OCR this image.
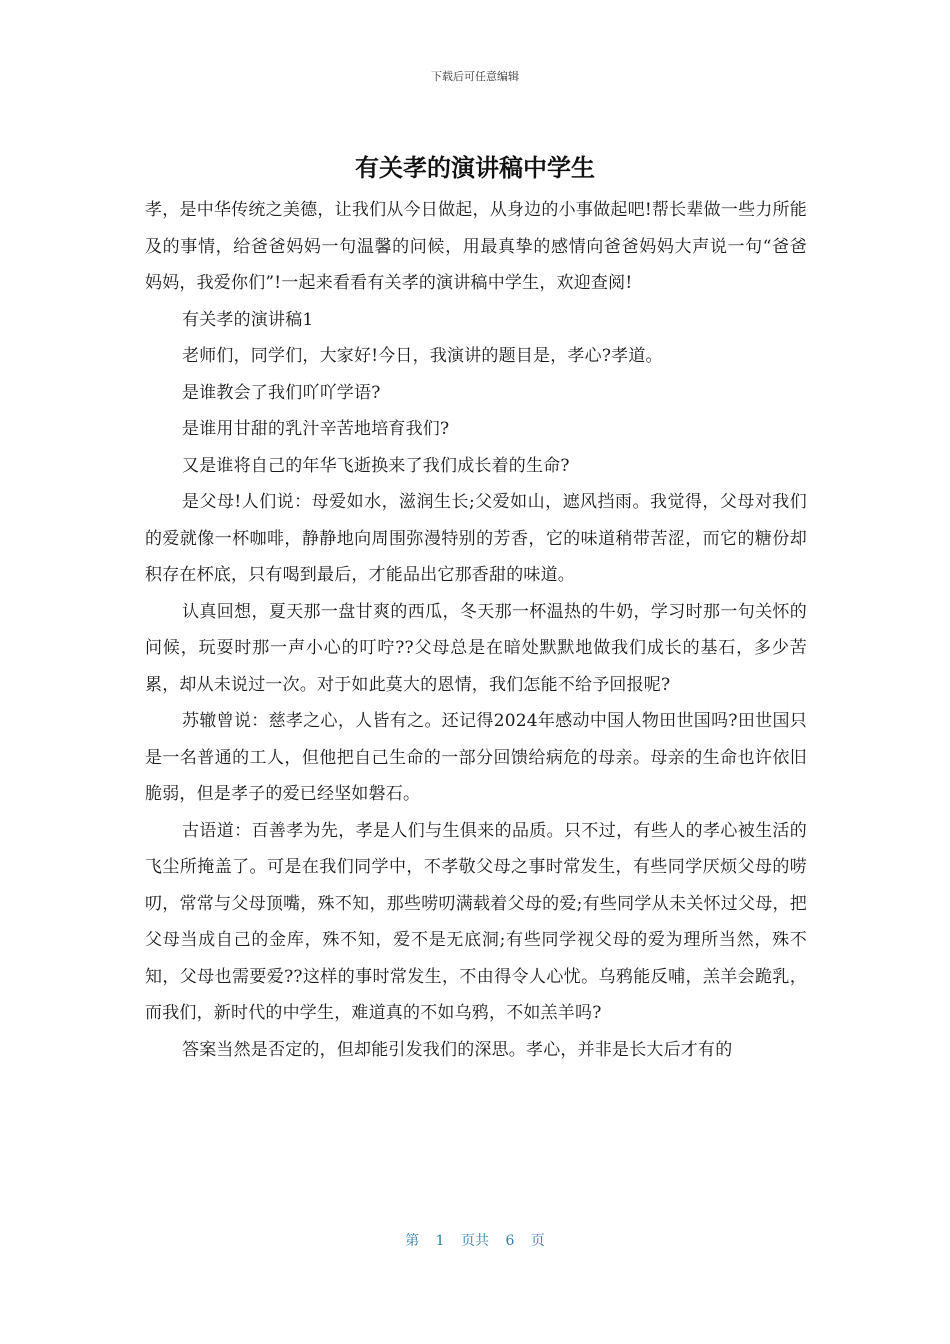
下载后可任意编辑
有关孝的演讲稿中学生

孝，是中华传统之美德，让我们从今日做起，从身边的小事做起吧!帮长辈做一些力所能及的事情，给爸爸妈妈一句温馨的问候，用最真挚的感情向爸爸妈妈大声说一句“爸爸妈妈，我爱你们”!一起来看看有关孝的演讲稿中学生，欢迎查阅!

有关孝的演讲稿1

老师们，同学们，大家好!今日，我演讲的题目是，孝心?孝道。

是谁教会了我们吖吖学语?

是谁用甘甜的乳汁辛苦地培育我们?

又是谁将自己的年华飞逝换来了我们成长着的生命?

是父母!人们说：母爱如水，滋润生长;父爱如山，遮风挡雨。我觉得，父母对我们的爱就像一杯咖啡，静静地向周围弥漫特别的芳香，它的味道稍带苦涩，而它的糖份却积存在杯底，只有喝到最后，才能品出它那香甜的味道。

认真回想，夏天那一盘甘爽的西瓜，冬天那一杯温热的牛奶，学习时那一句关怀的问候，玩耍时那一声小心的叮咛??父母总是在暗处默默地做我们成长的基石，多少苦累，却从未说过一次。对于如此莫大的恩情，我们怎能不给予回报呢?

苏辙曾说：慈孝之心，人皆有之。还记得2024年感动中国人物田世国吗?田世国只是一名普通的工人，但他把自己生命的一部分回馈给病危的母亲。母亲的生命也许依旧脆弱，但是孝子的爱已经坚如磐石。

古语道：百善孝为先，孝是人们与生俱来的品质。只不过，有些人的孝心被生活的飞尘所掩盖了。可是在我们同学中，不孝敬父母之事时常发生，有些同学厌烦父母的唠叨，常常与父母顶嘴，殊不知，那些唠叨满载着父母的爱;有些同学从未关怀过父母，把父母当成自己的金库，殊不知，爱不是无底洞;有些同学视父母的爱为理所当然，殊不知，父母也需要爱??这样的事时常发生，不由得令人心忧。乌鸦能反哺，羔羊会跪乳，而我们，新时代的中学生，难道真的不如乌鸦，不如羔羊吗?

答案当然是否定的，但却能引发我们的深思。孝心，并非是长大后才有的

第 1 页共 6 页
